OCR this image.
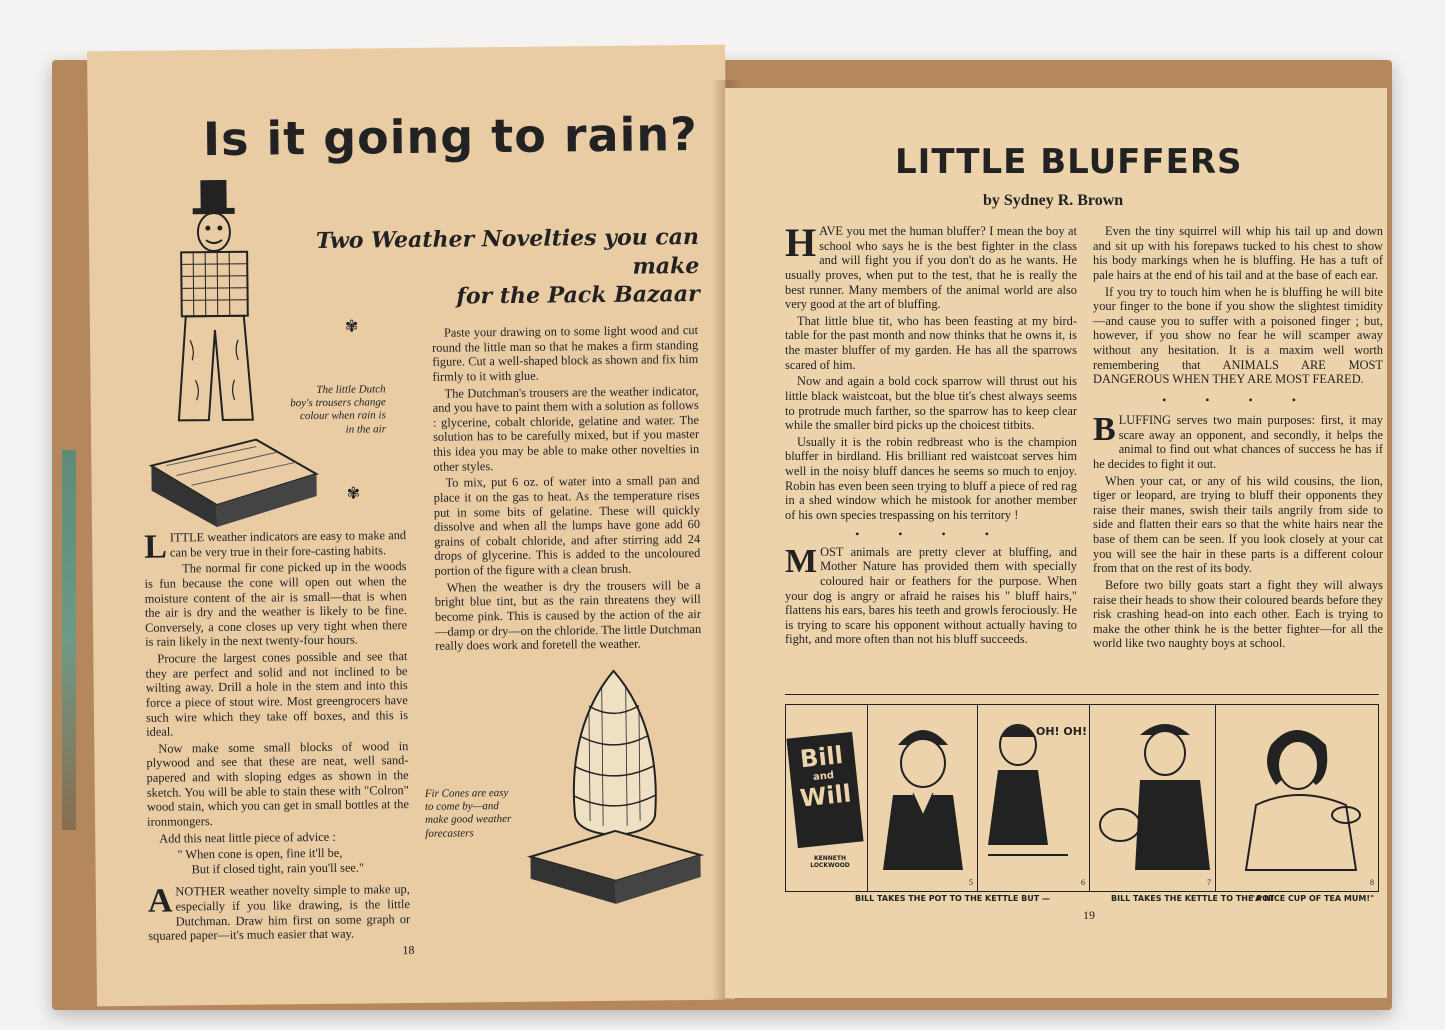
Is it going to rain?
Two Weather Novelties you can make
for the Pack Bazaar
✾
✾
The little Dutch
boy's trousers change
colour when rain is
in the air

LITTLE weather indicators are easy to make and can be very true in their fore-casting habits.

The normal fir cone picked up in the woods is fun because the cone will open out when the moisture content of the air is small—that is when the air is dry and the weather is likely to be fine. Conversely, a cone closes up very tight when there is rain likely in the next twenty-four hours.

Procure the largest cones possible and see that they are perfect and solid and not inclined to be wilting away. Drill a hole in the stem and into this force a piece of stout wire. Most greengrocers have such wire which they take off boxes, and this is ideal.

Now make some small blocks of wood in plywood and see that these are neat, well sand-papered and with sloping edges as shown in the sketch. You will be able to stain these with "Colron" wood stain, which you can get in small bottles at the ironmongers.

Add this neat little piece of advice :

" When cone is open, fine it'll be,
But if closed tight, rain you'll see."

ANOTHER weather novelty simple to make up, especially if you like drawing, is the little Dutchman. Draw him first on some graph or squared paper—it's much easier that way.

Paste your drawing on to some light wood and cut round the little man so that he makes a firm standing figure. Cut a well-shaped block as shown and fix him firmly to it with glue.

The Dutchman's trousers are the weather indicator, and you have to paint them with a solution as follows : glycerine, cobalt chloride, gelatine and water. The solution has to be carefully mixed, but if you master this idea you may be able to make other novelties in other styles.

To mix, put 6 oz. of water into a small pan and place it on the gas to heat. As the temperature rises put in some bits of gelatine. These will quickly dissolve and when all the lumps have gone add 60 grains of cobalt chloride, and after stirring add 24 drops of glycerine. This is added to the uncoloured portion of the figure with a clean brush.

When the weather is dry the trousers will be a bright blue tint, but as the rain threatens they will become pink. This is caused by the action of the air—damp or dry—on the chloride. The little Dutchman really does work and foretell the weather.

Fir Cones are easy
to come by—and
make good weather
forecasters
18
LITTLE BLUFFERS
by Sydney R. Brown

HAVE you met the human bluffer? I mean the boy at school who says he is the best fighter in the class and will fight you if you don't do as he wants. He usually proves, when put to the test, that he is really the best runner. Many members of the animal world are also very good at the art of bluffing.

That little blue tit, who has been feasting at my bird-table for the past month and now thinks that he owns it, is the master bluffer of my garden. He has all the sparrows scared of him.

Now and again a bold cock sparrow will thrust out his little black waistcoat, but the blue tit's chest always seems to protrude much farther, so the sparrow has to keep clear while the smaller bird picks up the choicest titbits.

Usually it is the robin redbreast who is the champion bluffer in birdland. His brilliant red waistcoat serves him well in the noisy bluff dances he seems so much to enjoy. Robin has even been seen trying to bluff a piece of red rag in a shed window which he mistook for another member of his own species trespassing on his territory !

• • • •

MOST animals are pretty clever at bluffing, and Mother Nature has provided them with specially coloured hair or feathers for the purpose. When your dog is angry or afraid he raises his " bluff hairs," flattens his ears, bares his teeth and growls ferociously. He is trying to scare his opponent without actually having to fight, and more often than not his bluff succeeds.

Even the tiny squirrel will whip his tail up and down and sit up with his forepaws tucked to his chest to show his body markings when he is bluffing. He has a tuft of pale hairs at the end of his tail and at the base of each ear.

If you try to touch him when he is bluffing he will bite your finger to the bone if you show the slightest timidity—and cause you to suffer with a poisoned finger ; but, however, if you show no fear he will scamper away without any hesitation. It is a maxim well worth remembering that ANIMALS ARE MOST DANGEROUS WHEN THEY ARE MOST FEARED.

• • • •

BLUFFING serves two main purposes: first, it may scare away an opponent, and secondly, it helps the animal to find out what chances of success he has if he decides to fight it out.

When your cat, or any of his wild cousins, the lion, tiger or leopard, are trying to bluff their opponents they raise their manes, swish their tails angrily from side to side and flatten their ears so that the white hairs near the base of them can be seen. If you look closely at your cat you will see the hair in these parts is a different colour from that on the rest of its body.

Before two billy goats start a fight they will always raise their heads to show their coloured beards before they risk crashing head-on into each other. Each is trying to make the other think he is the better fighter—for all the world like two naughty boys at school.

Bill
and
Will
KENNETH LOCKWOOD
5
OH! OH!
6	7	8
BILL TAKES THE POT TO THE KETTLE BUT —	BILL TAKES THE KETTLE TO THE POT
"A NICE CUP OF TEA MUM!"
19
